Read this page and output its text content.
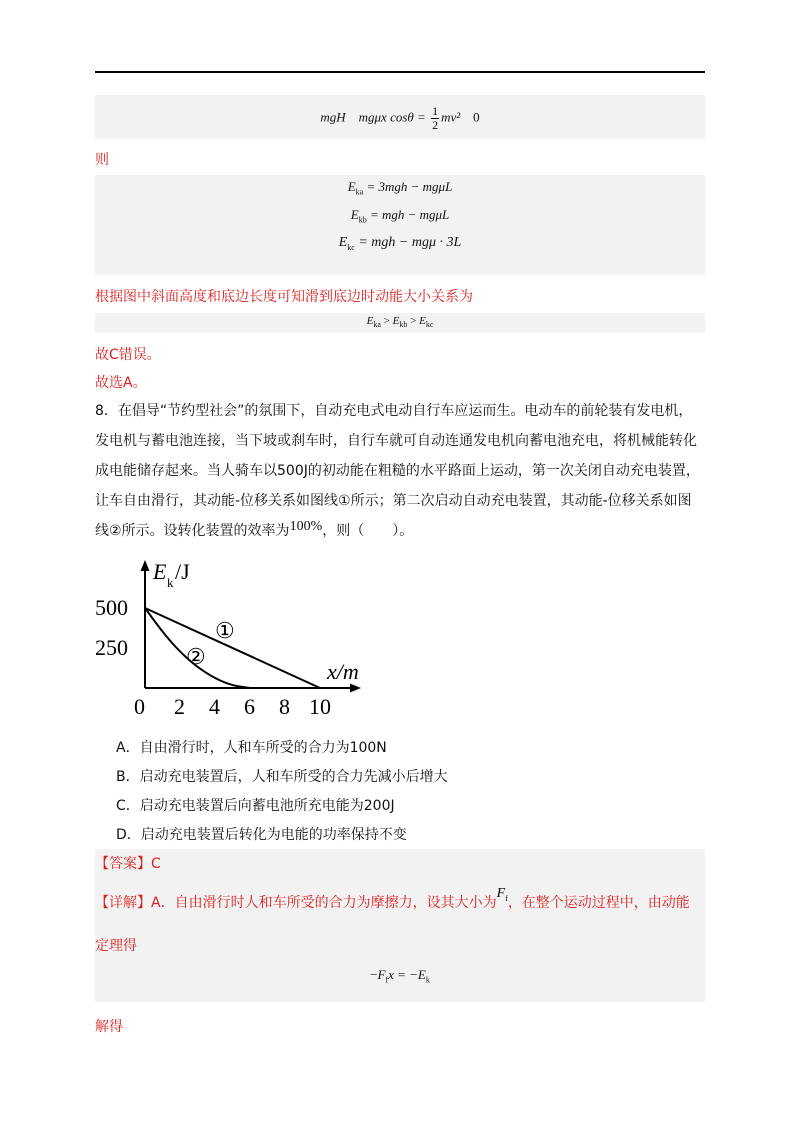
mgH mgμx $\cos\theta = \frac{1}{2} mv^2$ 0
则
$E_{ka} = 3mgh - mg\mu L$
$E_{kb}$ = mgh − mgμL
$E_{kc}$ = mgh − mgμ · 3L
根据图中斜面高度和底边长度可知滑到底边时动能大小关系为
$E_{ka} > E_{kb} > E_{kc}$
故C错误。
故选A。
8．在倡导“节约型社会”的氛围下，自动充电式电动自行车应运而生。电动车的前轮装有发电机，
发电机与蓄电池连接，当下坡或刹车时，自行车就可自动连通发电机向蓄电池充电，将机械能转化
成电能储存起来。当人骑车以500J的初动能在粗糙的水平路面上运动，第一次关闭自动充电装置，
让车自由滑行，其动能-位移关系如图线①所示；第二次启动自动充电装置，其动能-位移关系如图
线②所示。设转化装置的效率为100%，则（　　）。
E k /J
x/m
500
250
0 2 4 6 8 10
①
②
A．自由滑行时，人和车所受的合力为100N
B．启动充电装置后，人和车所受的合力先减小后增大
C．启动充电装置后向蓄电池所充电能为200J
D．启动充电装置后转化为电能的功率保持不变
【答案】C
【详解】A．自由滑行时人和车所受的合力为摩擦力，设其大小为$F_f$，在整个运动过程中，由动能
定理得
$-F_fx = -E_k$
解得
